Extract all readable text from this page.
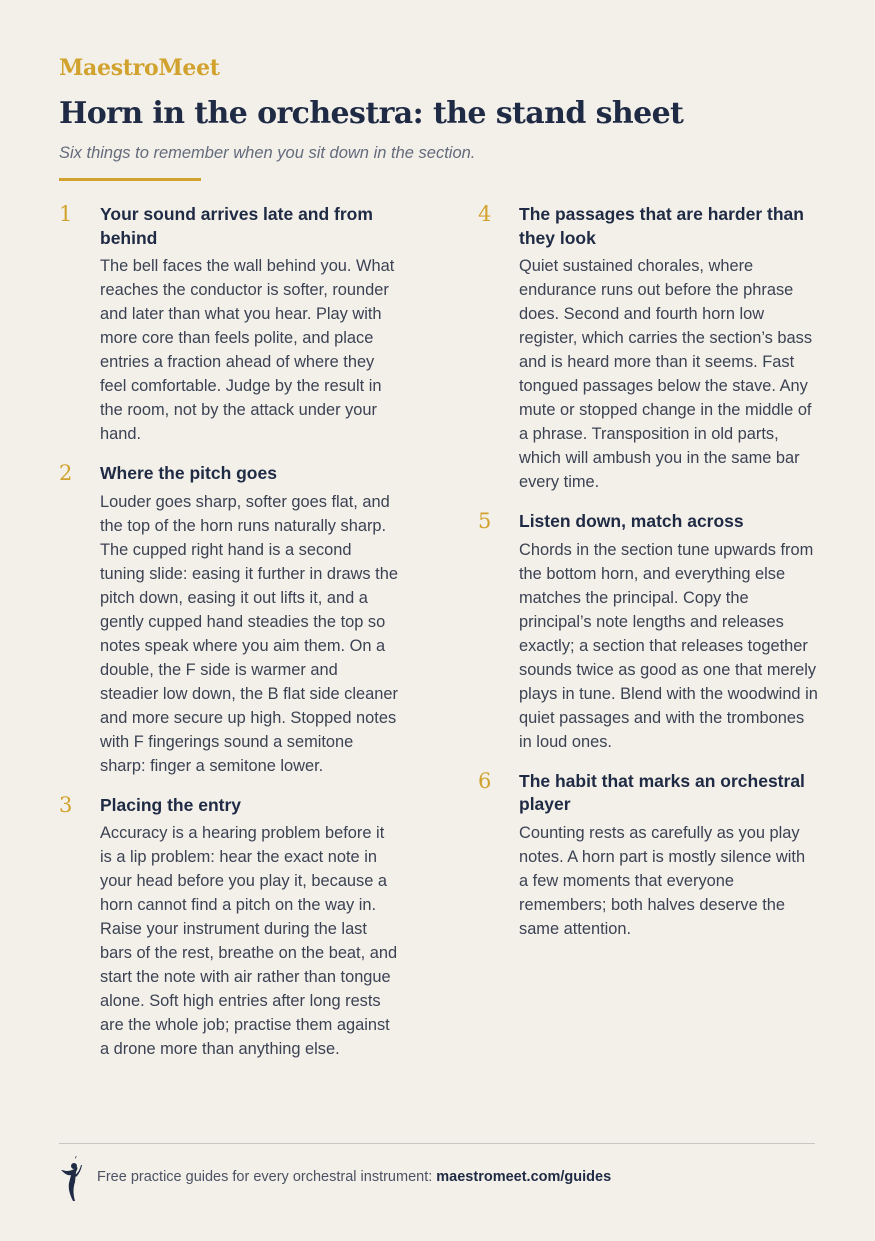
MaestroMeet
Horn in the orchestra: the stand sheet
Six things to remember when you sit down in the section.
1 Your sound arrives late and from behind

The bell faces the wall behind you. What reaches the conductor is softer, rounder and later than what you hear. Play with more core than feels polite, and place entries a fraction ahead of where they feel comfortable. Judge by the result in the room, not by the attack under your hand.

2 Where the pitch goes

Louder goes sharp, softer goes flat, and the top of the horn runs naturally sharp. The cupped right hand is a second tuning slide: easing it further in draws the pitch down, easing it out lifts it, and a gently cupped hand steadies the top so notes speak where you aim them. On a double, the F side is warmer and steadier low down, the B flat side cleaner and more secure up high. Stopped notes with F fingerings sound a semitone sharp: finger a semitone lower.

3 Placing the entry

Accuracy is a hearing problem before it is a lip problem: hear the exact note in your head before you play it, because a horn cannot find a pitch on the way in. Raise your instrument during the last bars of the rest, breathe on the beat, and start the note with air rather than tongue alone. Soft high entries after long rests are the whole job; practise them against a drone more than anything else.

4 The passages that are harder than they look

Quiet sustained chorales, where endurance runs out before the phrase does. Second and fourth horn low register, which carries the section’s bass and is heard more than it seems. Fast tongued passages below the stave. Any mute or stopped change in the middle of a phrase. Transposition in old parts, which will ambush you in the same bar every time.

5 Listen down, match across

Chords in the section tune upwards from the bottom horn, and everything else matches the principal. Copy the principal’s note lengths and releases exactly; a section that releases together sounds twice as good as one that merely plays in tune. Blend with the woodwind in quiet passages and with the trombones in loud ones.

6 The habit that marks an orchestral player

Counting rests as carefully as you play notes. A horn part is mostly silence with a few moments that everyone remembers; both halves deserve the same attention.

Free practice guides for every orchestral instrument: maestromeet.com/guides
